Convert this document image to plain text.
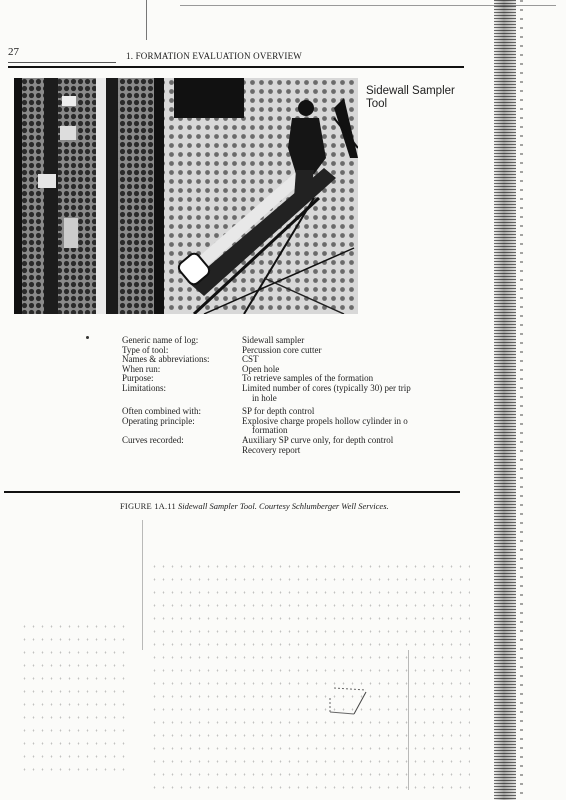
27	1. FORMATION EVALUATION OVERVIEW
Sidewall Sampler
Tool
Generic name of log:	Sidewall sampler
Type of tool:	Percussion core cutter
Names & abbreviations:	CST
When run:	Open hole
Purpose:	To retrieve samples of the formation
Limitations:	Limited number of cores (typically 30) per trip
in hole
Often combined with:	SP for depth control
Operating principle:	Explosive charge propels hollow cylinder in o
formation
Curves recorded:	Auxiliary SP curve only, for depth control
Recovery report
FIGURE 1A.11 Sidewall Sampler Tool. Courtesy Schlumberger Well Services.
